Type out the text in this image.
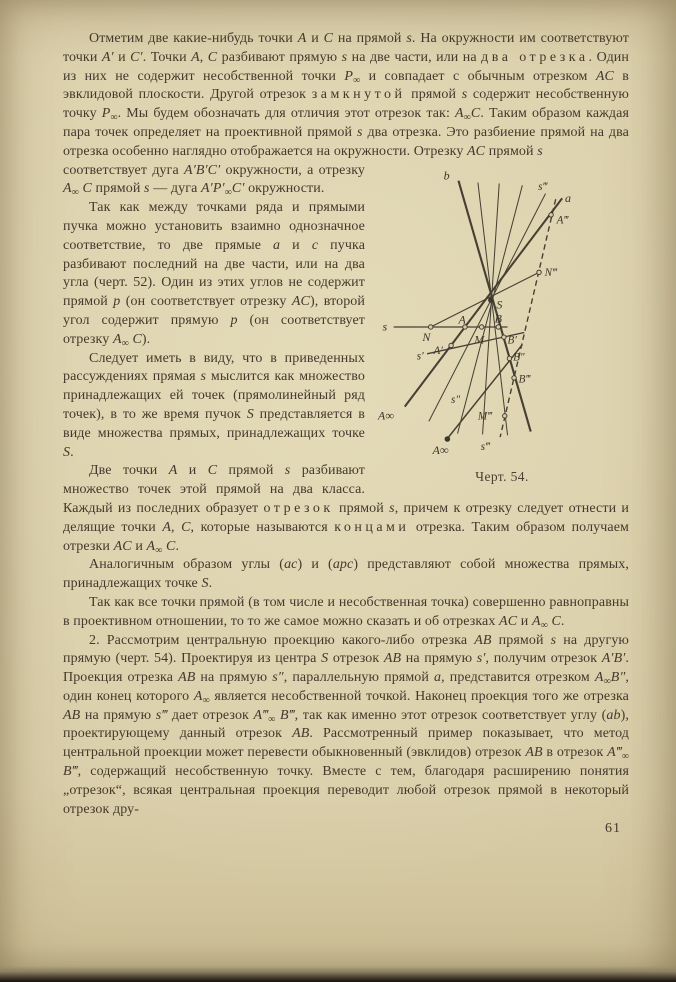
Отметим две какие-нибудь точки A и C на прямой s. На окружности им соответствуют точки A′ и C′. Точки A, C разбивают прямую s на две части, или на два отрезка. Один из них не содержит несобственной точки $P_\infty$ и совпадает с обычным отрезком AC в эвклидовой плоскости. Другой отрезок замкнутой прямой s содержит несобственную точку $P_\infty$. Мы будем обозначать для отличия этот отрезок так: $A_\infty C$. Таким образом каждая пара точек определяет на проективной прямой s два отрезка. Это разбиение прямой на два отрезка особенно наглядно отображается на окружности. Отрезку AC прямой s

b
s‴
a
A‴
N‴
S
s
N
A B
M
A′
B′
s′	B″
B‴
s″
M‴
A∞
A∞	s‴
Черт. 54.

соответствует дуга A′B′C′ окружности, а отрезку $A_\infty$ C прямой s — дуга $A'P'_\infty C'$ окружности.

Так как между точками ряда и прямыми пучка можно установить взаимно однозначное соответствие, то две прямые a и c пучка разбивают последний на две части, или на два угла (черт. 52). Один из этих углов не содержит прямой p (он соответствует отрезку AC), второй угол содержит прямую p (он соответствует отрезку $A_\infty$ C).

Следует иметь в виду, что в приведенных рассуждениях прямая s мыслится как множество принадлежащих ей точек (прямолинейный ряд точек), в то же время пучок S представляется в виде множества прямых, принадлежащих точке S.

Две точки A и C прямой s разбивают множество точек этой прямой на два класса. Каждый из последних образует отрезок прямой s, причем к отрезку следует отнести и делящие точки A, C, которые называются концами отрезка. Таким образом получаем отрезки AC и $A_\infty$ C.

Аналогичным образом углы (ac) и (apc) представляют собой множества прямых, принадлежащих точке S.

Так как все точки прямой (в том числе и несобственная точка) совершенно равноправны в проективном отношении, то то же самое можно сказать и об отрезках AC и $A_\infty$ C.

2. Рассмотрим центральную проекцию какого-либо отрезка AB прямой s на другую прямую (черт. 54). Проектируя из центра S отрезок AB на прямую s′, получим отрезок A′B′. Проекция отрезка AB на прямую s″, параллельную прямой a, представится отрезком $A_\infty B''$, один конец которого $A_\infty$ является несобственной точкой. Наконец проекция того же отрезка AB на прямую s‴ дает отрезок $A‴_\infty$ B‴, так как именно этот отрезок соответствует углу (ab), проектирующему данный отрезок AB. Рассмотренный пример показывает, что метод центральной проекции может перевести обыкновенный (эвклидов) отрезок AB в отрезок $A‴_\infty$ B‴, содержащий несобственную точку. Вместе с тем, благодаря расширению понятия „отрезок“, всякая центральная проекция переводит любой отрезок прямой в некоторый отрезок дру-

61
